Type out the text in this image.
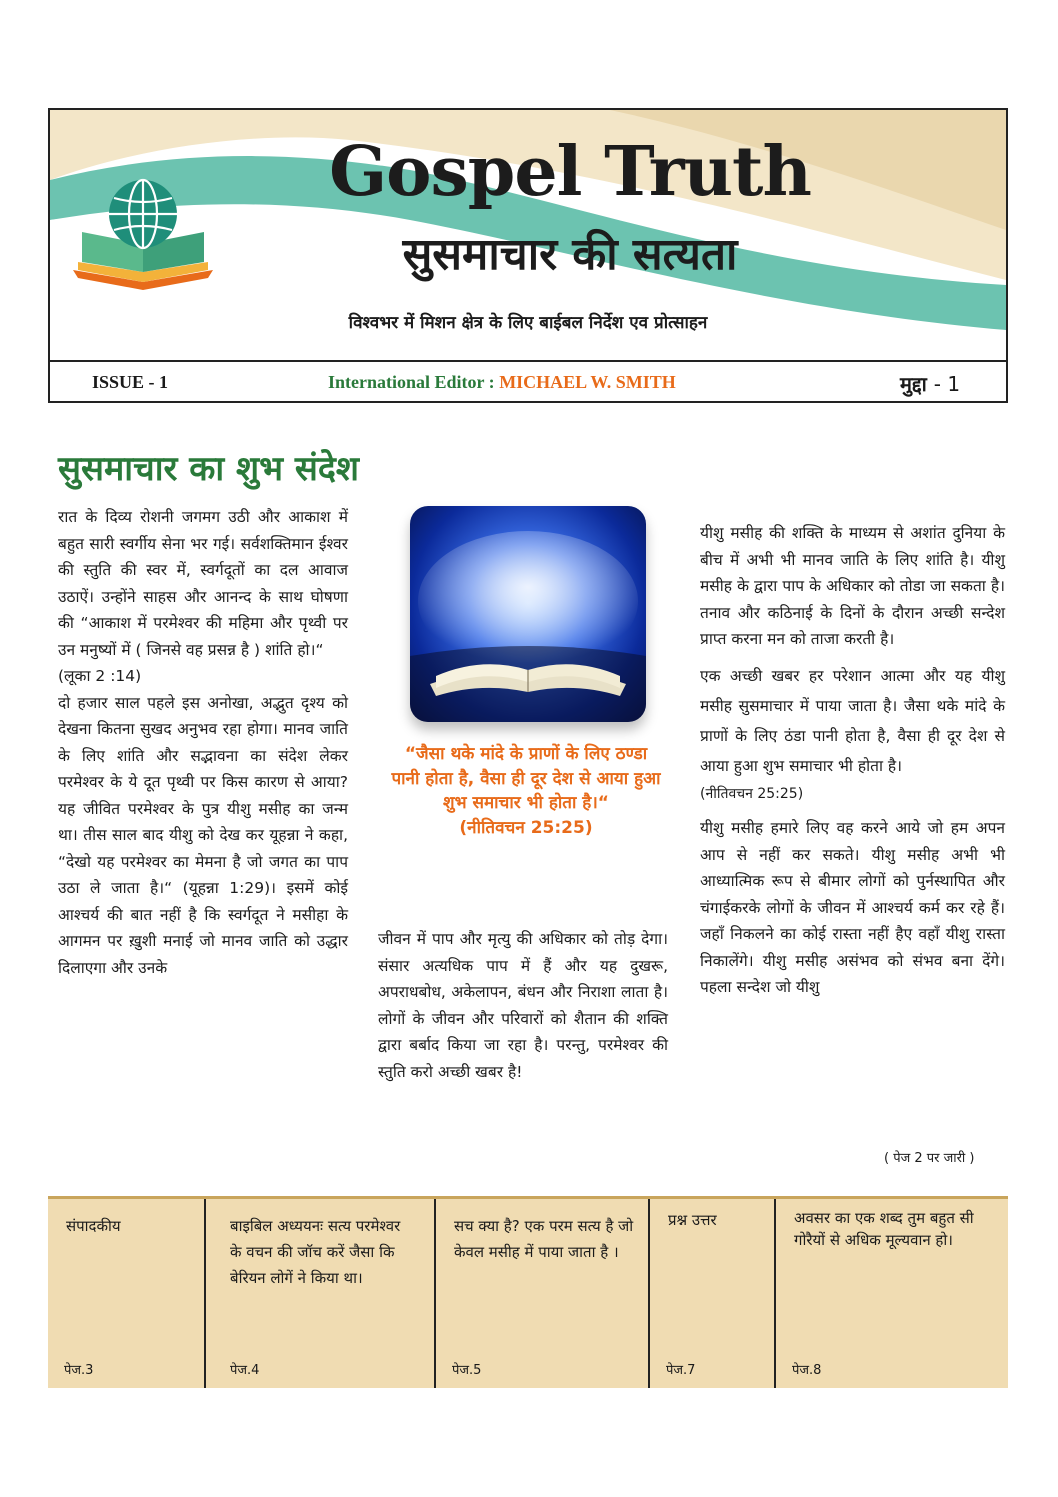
Gospel Truth
सुसमाचार की सत्यता
विश्वभर में मिशन क्षेत्र के लिए बाईबल निर्देश एव प्रोत्साहन
ISSUE - 1	International Editor : MICHAEL W. SMITH	मुद्दा - 1
सुसमाचार का शुभ संदेश

रात के दिव्य रोशनी जगमग उठी और आकाश में बहुत सारी स्वर्गीय सेना भर गई। सर्वशक्तिमान ईश्वर की स्तुति की स्वर में, स्वर्गदूतों का दल आवाज उठाऐं। उन्होंने साहस और आनन्द के साथ घोषणा की “आकाश में परमेश्वर की महिमा और पृथ्वी पर उन मनुष्यों में ( जिनसे वह प्रसन्न है ) शांति हो।“

(लूका 2 :14)

दो हजार साल पहले इस अनोखा, अद्भुत दृश्य को देखना कितना सुखद अनुभव रहा होगा। मानव जाति के लिए शांति और सद्भावना का संदेश लेकर परमेश्वर के ये दूत पृथ्वी पर किस कारण से आया? यह जीवित परमेश्वर के पुत्र यीशु मसीह का जन्म था। तीस साल बाद यीशु को देख कर यूहन्ना ने कहा, “देखो यह परमेश्वर का मेमना है जो जगत का पाप उठा ले जाता है।“ (यूहन्ना 1:29)। इसमें कोई आश्चर्य की बात नहीं है कि स्वर्गदूत ने मसीहा के आगमन पर ख़ुशी मनाई जो मानव जाति को उद्धार दिलाएगा और उनके

“जैसा थके मांदे के प्राणों के लिए ठण्डा पानी होता है, वैसा ही दूर देश से आया हुआ शुभ समाचार भी होता है।“
(नीतिवचन 25:25)

जीवन में पाप और मृत्यु की अधिकार को तोड़ देगा। संसार अत्यधिक पाप में हैं और यह दुखरू, अपराधबोध, अकेलापन, बंधन और निराशा लाता है। लोगों के जीवन और परिवारों को शैतान की शक्ति द्वारा बर्बाद किया जा रहा है। परन्तु, परमेश्वर की स्तुति करो अच्छी खबर है!

यीशु मसीह की शक्ति के माध्यम से अशांत दुनिया के बीच में अभी भी मानव जाति के लिए शांति है। यीशु मसीह के द्वारा पाप के अधिकार को तोडा जा सकता है। तनाव और कठिनाई के दिनों के दौरान अच्छी सन्देश प्राप्त करना मन को ताजा करती है।

एक अच्छी खबर हर परेशान आत्मा और यह यीशु मसीह सुसमाचार में पाया जाता है। जैसा थके मांदे के प्राणों के लिए ठंडा पानी होता है, वैसा ही दूर देश से आया हुआ शुभ समाचार भी होता है।

(नीतिवचन 25:25)

यीशु मसीह हमारे लिए वह करने आये जो हम अपन आप से नहीं कर सकते। यीशु मसीह अभी भी आध्यात्मिक रूप से बीमार लोगों को पुर्नस्थापित और चंगाईकरके लोगों के जीवन में आश्चर्य कर्म कर रहे हैं। जहाँ निकलने का कोई रास्ता नहीं हैए वहाँ यीशु रास्ता निकालेंगे। यीशु मसीह असंभव को संभव बना देंगे। पहला सन्देश जो यीशु

( पेज 2 पर जारी )
संपादकीय
पेज.3
बाइबिल अध्ययनः सत्य परमेश्वर के वचन की जॉच करें जैसा कि बेरियन लोगें ने किया था।
पेज.4
सच क्या है? एक परम सत्य है जो केवल मसीह में पाया जाता है ।
पेज.5
प्रश्न उत्तर
पेज.7
अवसर का एक शब्द तुम बहुत सी गोरैयों से अधिक मूल्यवान हो।
पेज.8
